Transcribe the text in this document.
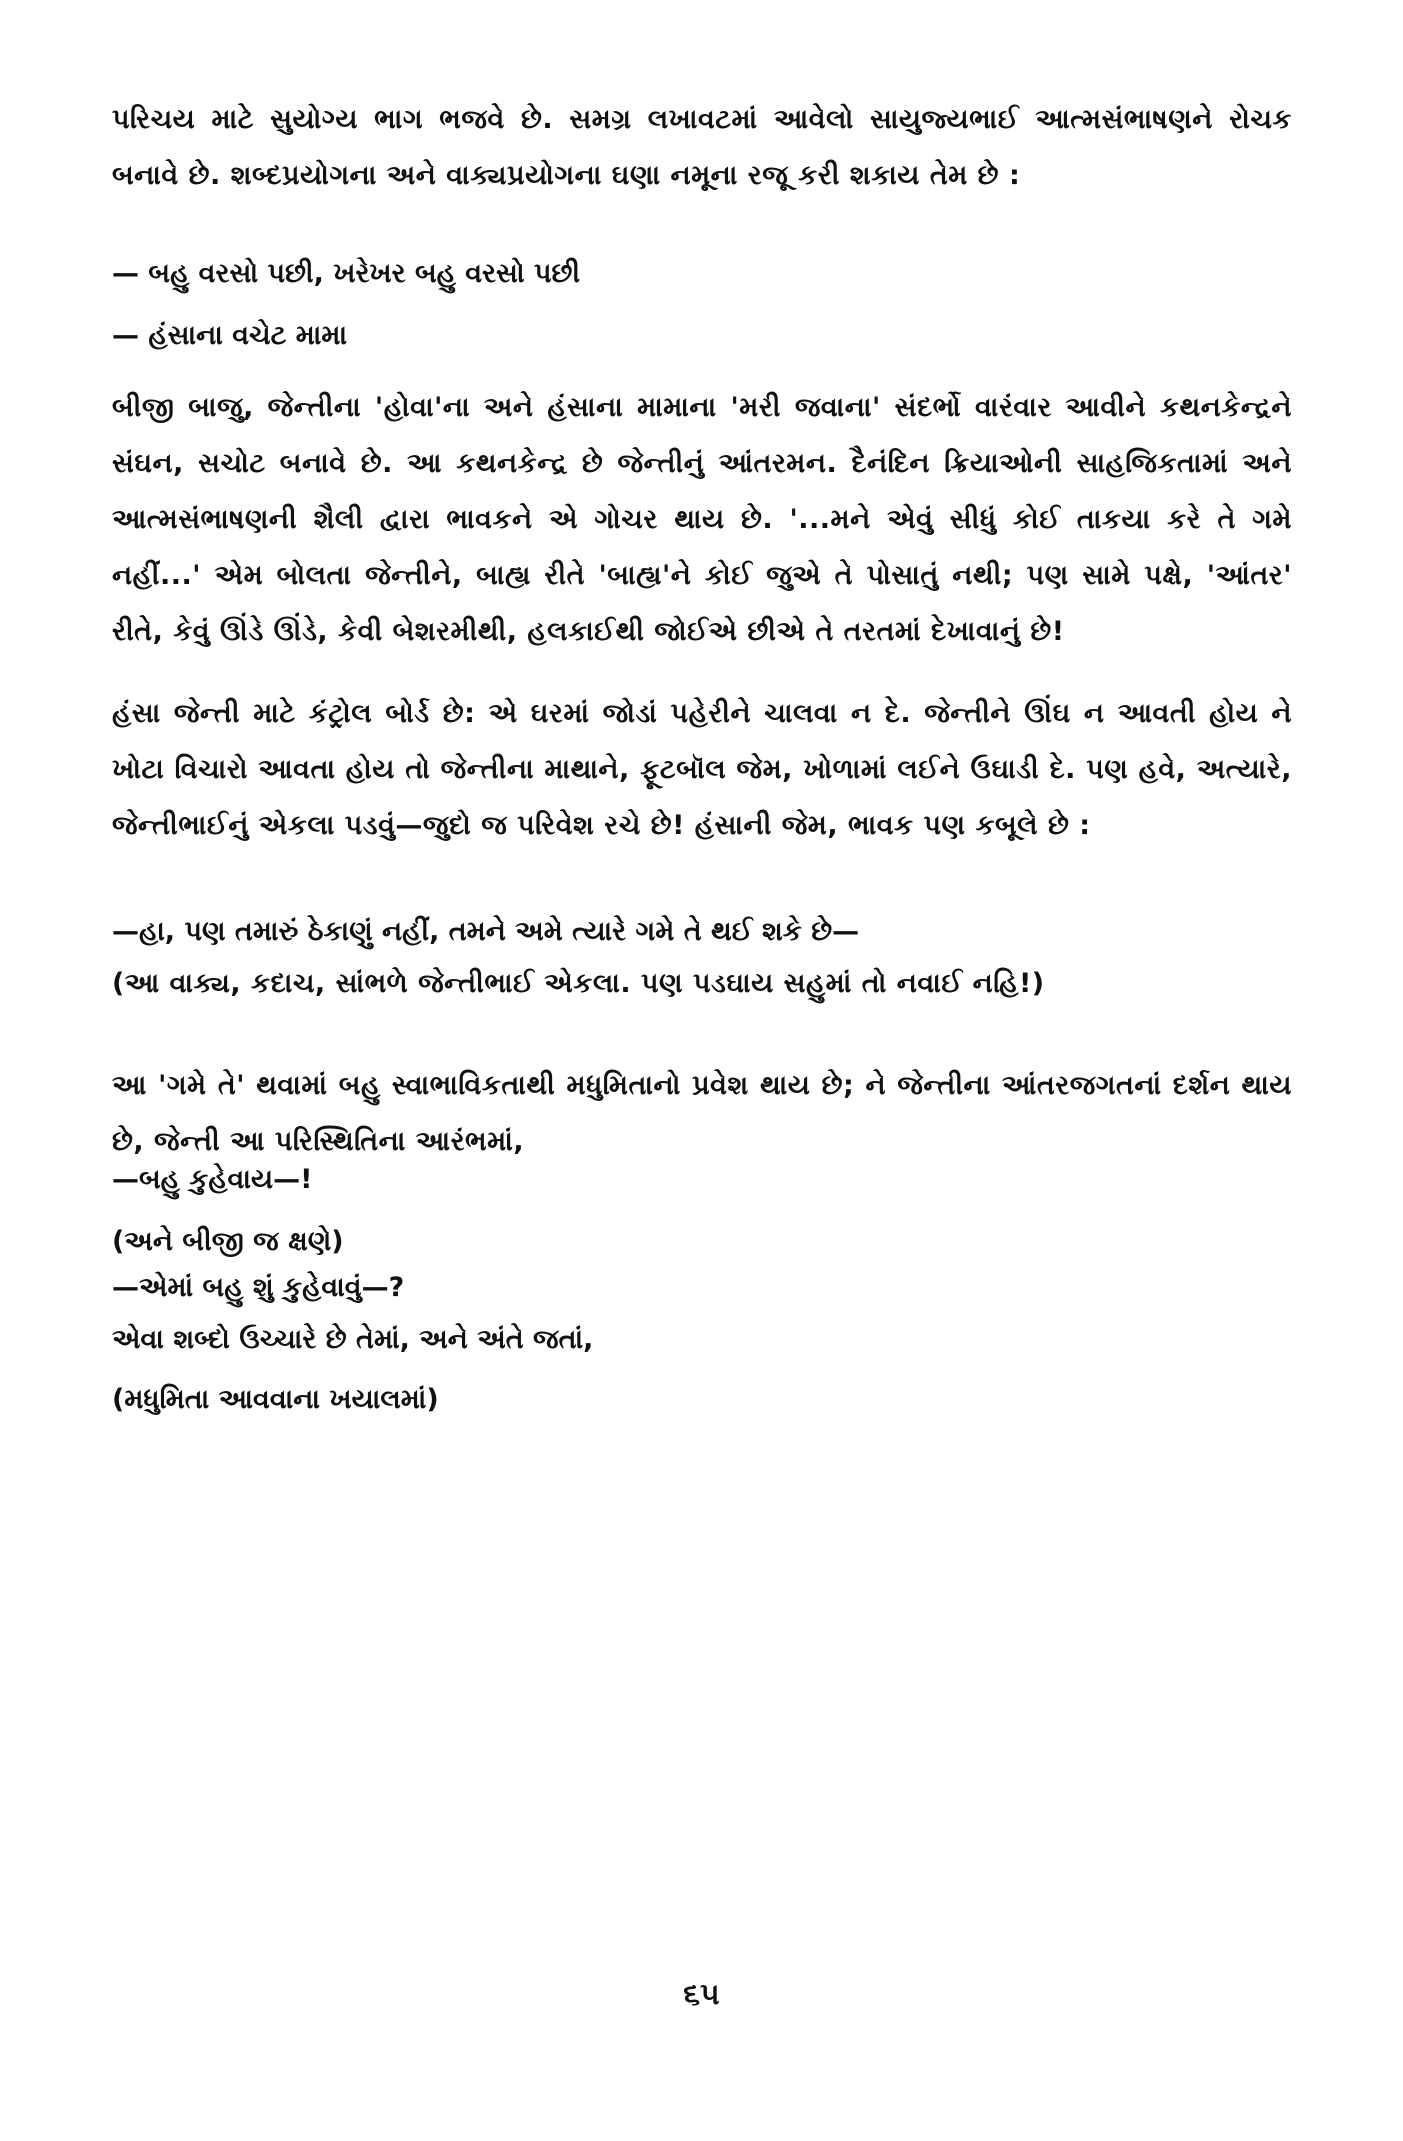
પરિચય માટે સુયોગ્ય ભાગ ભજવે છે. સમગ્ર લખાવટમાં આવેલો સાયુજ્યભાઈ આત્મસંભાષણને રોચક બનાવે છે. શબ્દપ્રયોગના અને વાક્યપ્રયોગના ઘણા નમૂના રજૂ કરી શકાય તેમ છે :
— બહુ વરસો પછી, ખરેખર બહુ વરસો પછી
— હંસાના વચેટ મામા
બીજી બાજુ, જેન્તીના 'હોવા'ના અને હંસાના મામાના 'મરી જવાના' સંદર્ભો વારંવાર આવીને કથનકેન્દ્રને સંઘન, સચોટ બનાવે છે. આ કથનકેન્દ્ર છે જેન્તીનું આંતરમન. દૈનંદિન ક્રિયાઓની સાહજિકતામાં અને આત્મસંભાષણની શૈલી દ્વારા ભાવકને એ ગોચર થાય છે. '...મને એવું સીધું કોઈ તાકયા કરે તે ગમે નહીં...' એમ બોલતા જેન્તીને, બાહ્ય રીતે 'બાહ્ય'ને કોઈ જુએ તે પોસાતું નથી; પણ સામે પક્ષે, 'આંતર' રીતે, કેવું ઊંડે ઊંડે, કેવી બેશરમીથી, હલકાઈથી જોઈએ છીએ તે તરતમાં દેખાવાનું છે!
હંસા જેન્તી માટે કંટ્રોલ બોર્ડ છે: એ ઘરમાં જોડાં પહેરીને ચાલવા ન દે. જેન્તીને ઊંઘ ન આવતી હોય ને ખોટા વિચારો આવતા હોય તો જેન્તીના માથાને, ફૂટબૉલ જેમ, ખોળામાં લઈને ઉઘાડી દે. પણ હવે, અત્યારે, જેન્તીભાઈનું એકલા પડવું—જુદો જ પરિવેશ રચે છે! હંસાની જેમ, ભાવક પણ કબૂલે છે :
—હા, પણ તમારું ઠેકાણું નહીં, તમને અમે ત્યારે ગમે તે થઈ શકે છે—
(આ વાક્ય, કદાચ, સાંભળે જેન્તીભાઈ એકલા. પણ પડઘાય સહુમાં તો નવાઈ નહિ!)
આ 'ગમે તે' થવામાં બહુ સ્વાભાવિકતાથી મધુમિતાનો પ્રવેશ થાય છે; ને જેન્તીના આંતરજગતનાં દર્શન થાય છે, જેન્તી આ પરિસ્થિતિના આરંભમાં,
—બહુ કુહેવાય—!
(અને બીજી જ ક્ષણે)
—એમાં બહુ શું કુહેવાવું—?
એવા શબ્દો ઉચ્ચારે છે તેમાં, અને અંતે જતાં,
(મધુમિતા આવવાના ખયાલમાં)
૬૫
